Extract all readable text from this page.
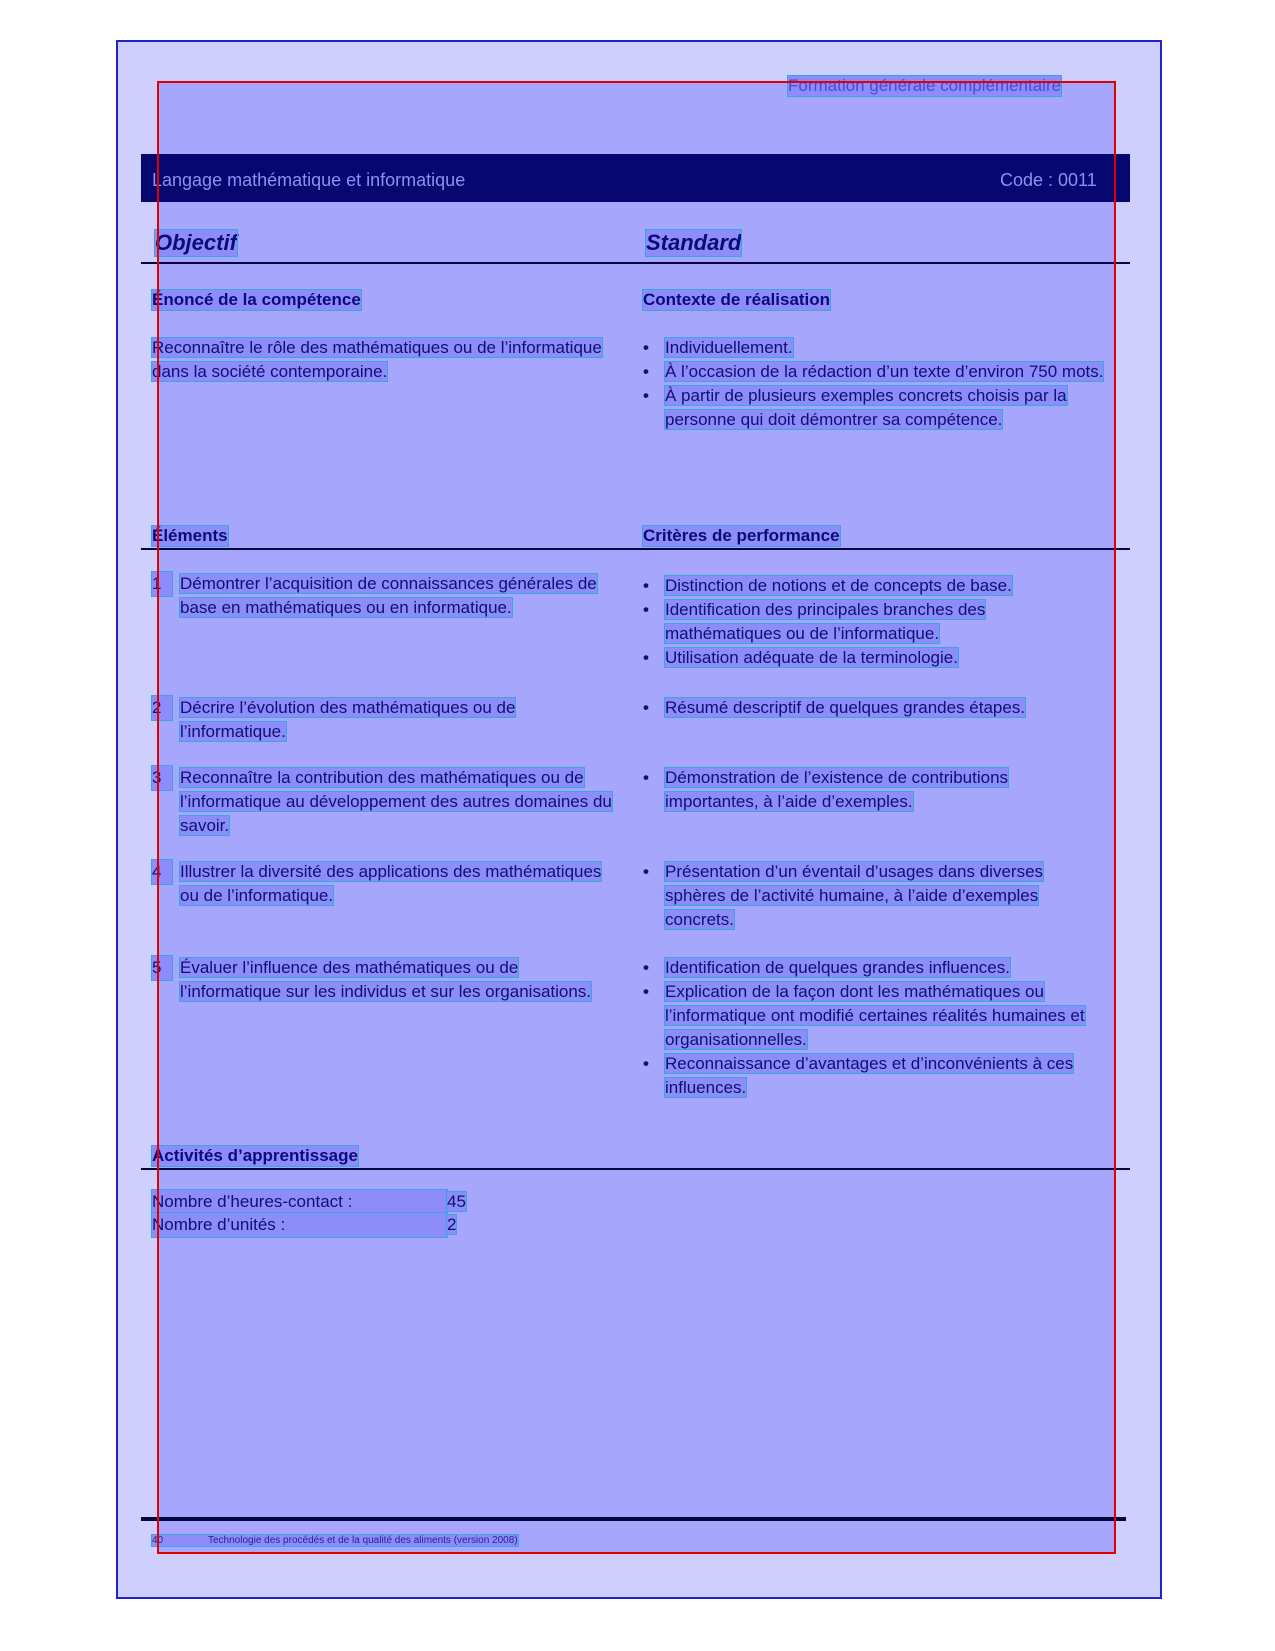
Formation générale complémentaire
Langage mathématique et informatique	Code : 0011
Objectif	Standard
Énoncé de la compétence	Contexte de réalisation
Reconnaître le rôle des mathématiques ou de l’informatique dans la société contemporaine.
• Individuellement.
• À l’occasion de la rédaction d’un texte d’environ 750 mots.
• À partir de plusieurs exemples concrets choisis par la personne qui doit démontrer sa compétence.
Éléments	Critères de performance
1	Démontrer l’acquisition de connaissances générales de base en mathématiques ou en informatique.
• Distinction de notions et de concepts de base.
• Identification des principales branches des mathématiques ou de l’informatique.
• Utilisation adéquate de la terminologie.
2	Décrire l’évolution des mathématiques ou de l’informatique.
• Résumé descriptif de quelques grandes étapes.
3	Reconnaître la contribution des mathématiques ou de l’informatique au développement des autres domaines du savoir.
• Démonstration de l’existence de contributions importantes, à l’aide d’exemples.
4	Illustrer la diversité des applications des mathématiques ou de l’informatique.
• Présentation d’un éventail d’usages dans diverses sphères de l’activité humaine, à l’aide d’exemples concrets.
5	Évaluer l’influence des mathématiques ou de l’informatique sur les individus et sur les organisations.
• Identification de quelques grandes influences.
• Explication de la façon dont les mathématiques ou l’informatique ont modifié certaines réalités humaines et organisationnelles.
• Reconnaissance d’avantages et d’inconvénients à ces influences.
Activités d’apprentissage
Nombre d’heures-contact :	45
Nombre d’unités :	2
40	Technologie des procédés et de la qualité des aliments (version 2008)
